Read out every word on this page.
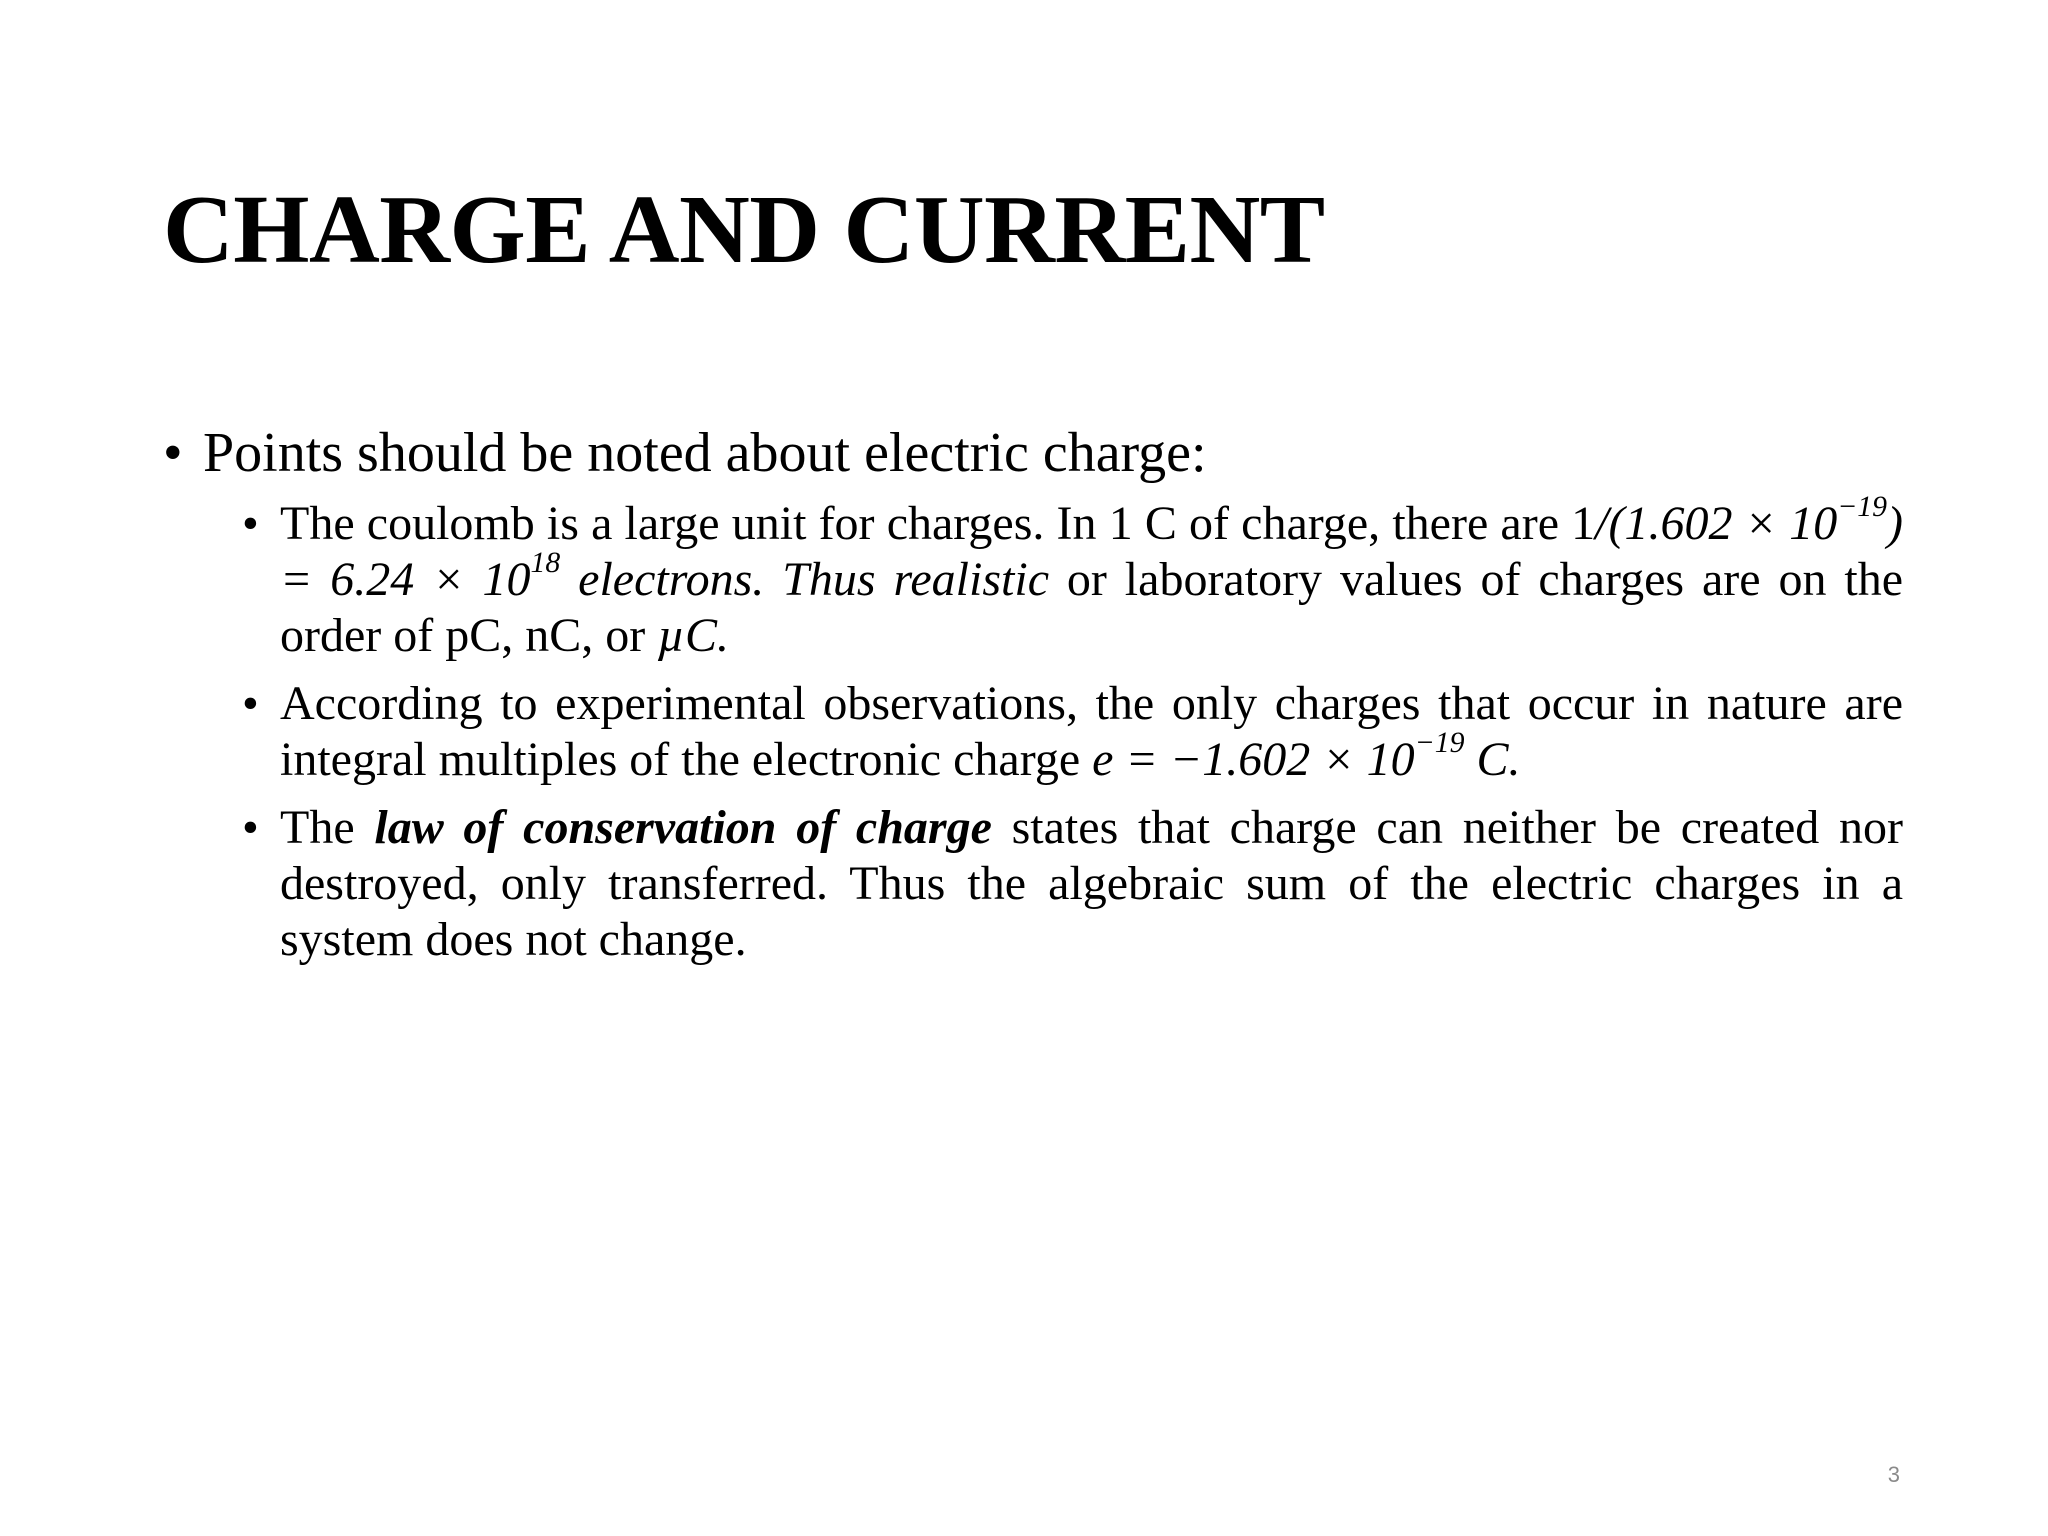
CHARGE AND CURRENT
• Points should be noted about electric charge:
• The coulomb is a large unit for charges. In 1 C of charge, there are $1/(1.602 \times 10^{-19}) = 6.24 \times 10^{18}$ electrons. Thus realistic or laboratory values of charges are on the order of pC, nC, or µC.
• According to experimental observations, the only charges that occur in nature are integral multiples of the electronic charge $e = -1.602 \times 10^{-19}$ C.
• The law of conservation of charge states that charge can neither be created nor destroyed, only transferred. Thus the algebraic sum of the electric charges in a system does not change.
3
